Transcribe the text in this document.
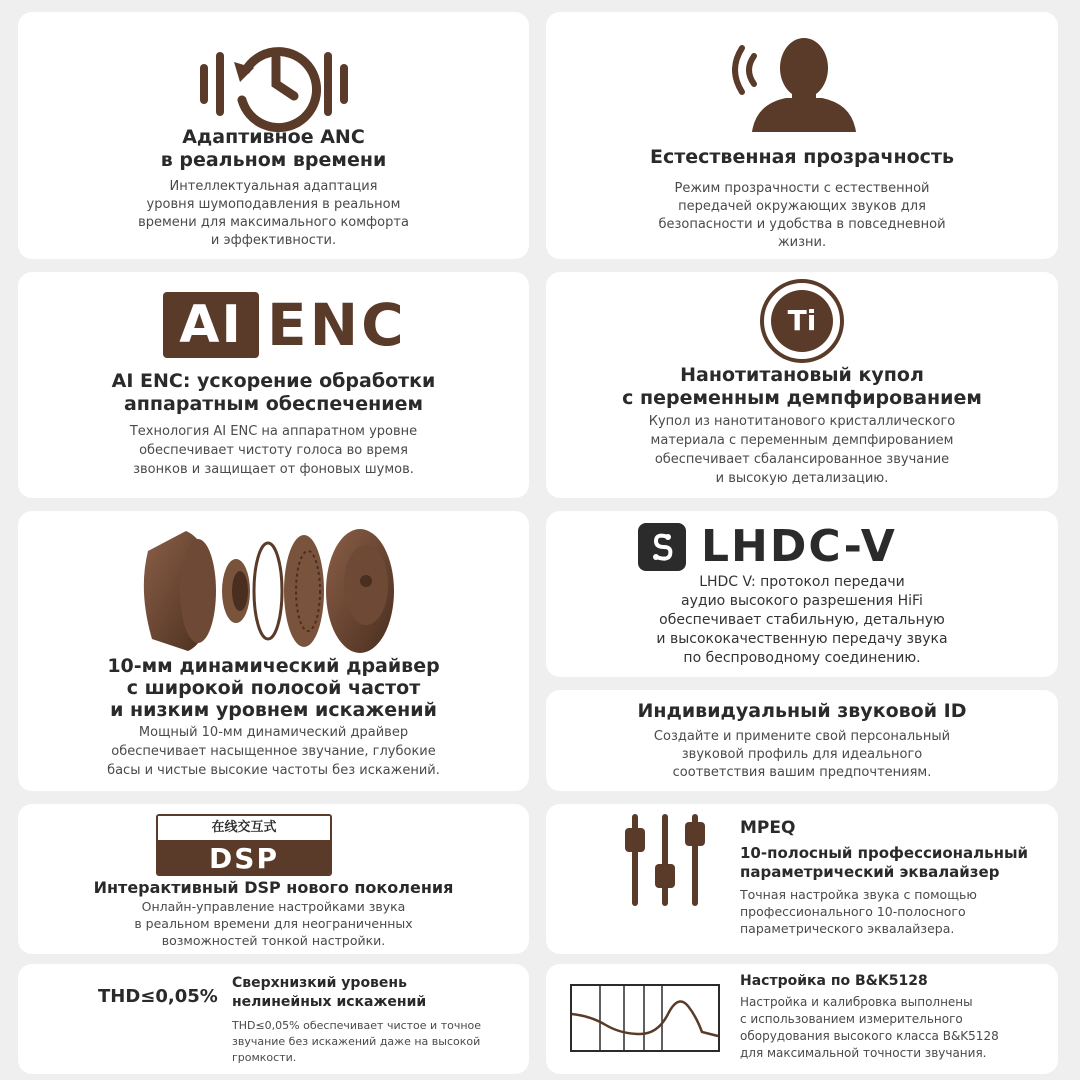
Адаптивное ANC
в реальном времени
Интеллектуальная адаптация
уровня шумоподавления в реальном
времени для максимального комфорта
и эффективности.
Естественная прозрачность
Режим прозрачности с естественной
передачей окружающих звуков для
безопасности и удобства в повседневной
жизни.
AI ENC
AI ENC: ускорение обработки
аппаратным обеспечением
Технология AI ENC на аппаратном уровне
обеспечивает чистоту голоса во время
звонков и защищает от фоновых шумов.
Ti
Нанотитановый купол
с переменным демпфированием
Купол из нанотитанового кристаллического
материала с переменным демпфированием
обеспечивает сбалансированное звучание
и высокую детализацию.
10-мм динамический драйвер
с широкой полосой частот
и низким уровнем искажений
Мощный 10-мм динамический драйвер
обеспечивает насыщенное звучание, глубокие
басы и чистые высокие частоты без искажений.
LHDC-V
LHDC V: протокол передачи
аудио высокого разрешения HiFi
обеспечивает стабильную, детальную
и высококачественную передачу звука
по беспроводному соединению.
Индивидуальный звуковой ID
Создайте и примените свой персональный
звуковой профиль для идеального
соответствия вашим предпочтениям.
在线交互式
DSP
Интерактивный DSP нового поколения
Онлайн-управление настройками звука
в реальном времени для неограниченных
возможностей тонкой настройки.
MPEQ
10-полосный профессиональный
параметрический эквалайзер
Точная настройка звука с помощью
профессионального 10-полосного
параметрического эквалайзера.
THD≤0,05%
Сверхнизкий уровень
нелинейных искажений
THD≤0,05% обеспечивает чистое и точное
звучание без искажений даже на высокой
громкости.
Настройка по B&K5128
Настройка и калибровка выполнены
с использованием измерительного
оборудования высокого класса B&K5128
для максимальной точности звучания.
